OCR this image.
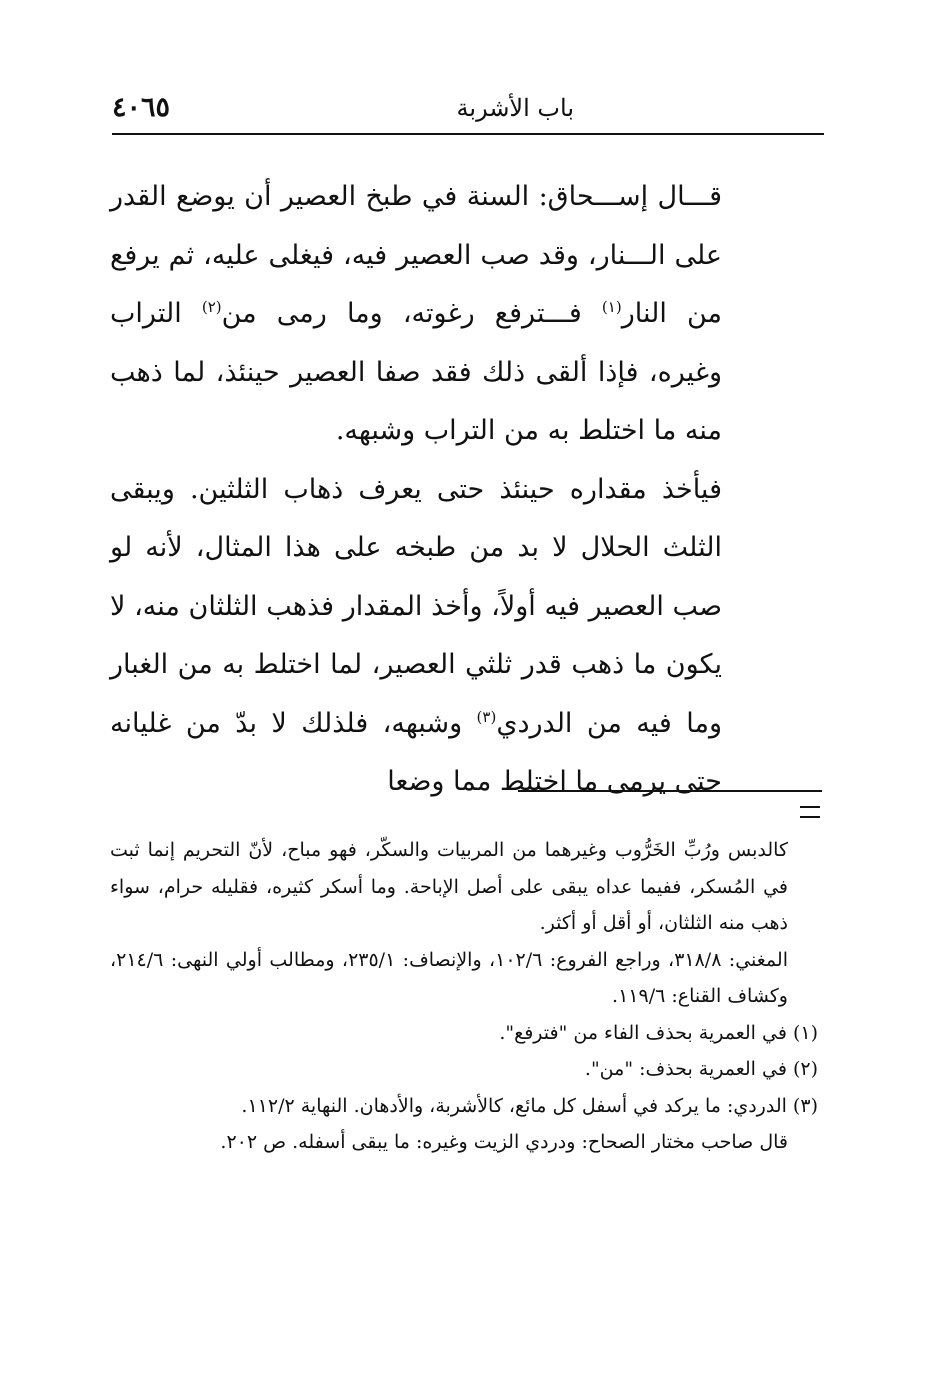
باب الأشربة
٤٠٦٥

قـــال إســـحاق: السنة في طبخ العصير أن يوضع القدر على الـــنار، وقد صب العصير فيه، فيغلى عليه، ثم يرفع من النار$^{(١)}$ فـــترفع رغوته، وما رمى من$^{(٢)}$ التراب وغيره، فإذا ألقى ذلك فقد صفا العصير حينئذ، لما ذهب منه ما اختلط به من التراب وشبهه.

فيأخذ مقداره حينئذ حتى يعرف ذهاب الثلثين. ويبقى الثلث الحلال لا بد من طبخه على هذا المثال، لأنه لو صب العصير فيه أولاً، وأخذ المقدار فذهب الثلثان منه، لا يكون ما ذهب قدر ثلثي العصير، لما اختلط به من الغبار وما فيه من الدردي$^{(٣)}$ وشبهه، فلذلك لا بدّ من غليانه حتى يرمى ما اختلط مما وضعا

كالدبس ورُبِّ الخَرُّوب وغيرهما من المربيات والسكّر، فهو مباح، لأنّ التحريم إنما ثبت في المُسكر، ففيما عداه يبقى على أصل الإباحة. وما أسكر كثيره، فقليله حرام، سواء ذهب منه الثلثان، أو أقل أو أكثر.

المغني: ٣١٨/٨، وراجع الفروع: ١٠٢/٦، والإنصاف: ٢٣٥/١، ومطالب أولي النهى: ٢١٤/٦، وكشاف القناع: ١١٩/٦.

(١) في العمرية بحذف الفاء من "فترفع".

(٢) في العمرية بحذف: "من".

(٣) الدردي: ما يركد في أسفل كل مائع، كالأشربة، والأدهان. النهاية ١١٢/٢.

قال صاحب مختار الصحاح: ودردي الزيت وغيره: ما يبقى أسفله. ص ٢٠٢.
